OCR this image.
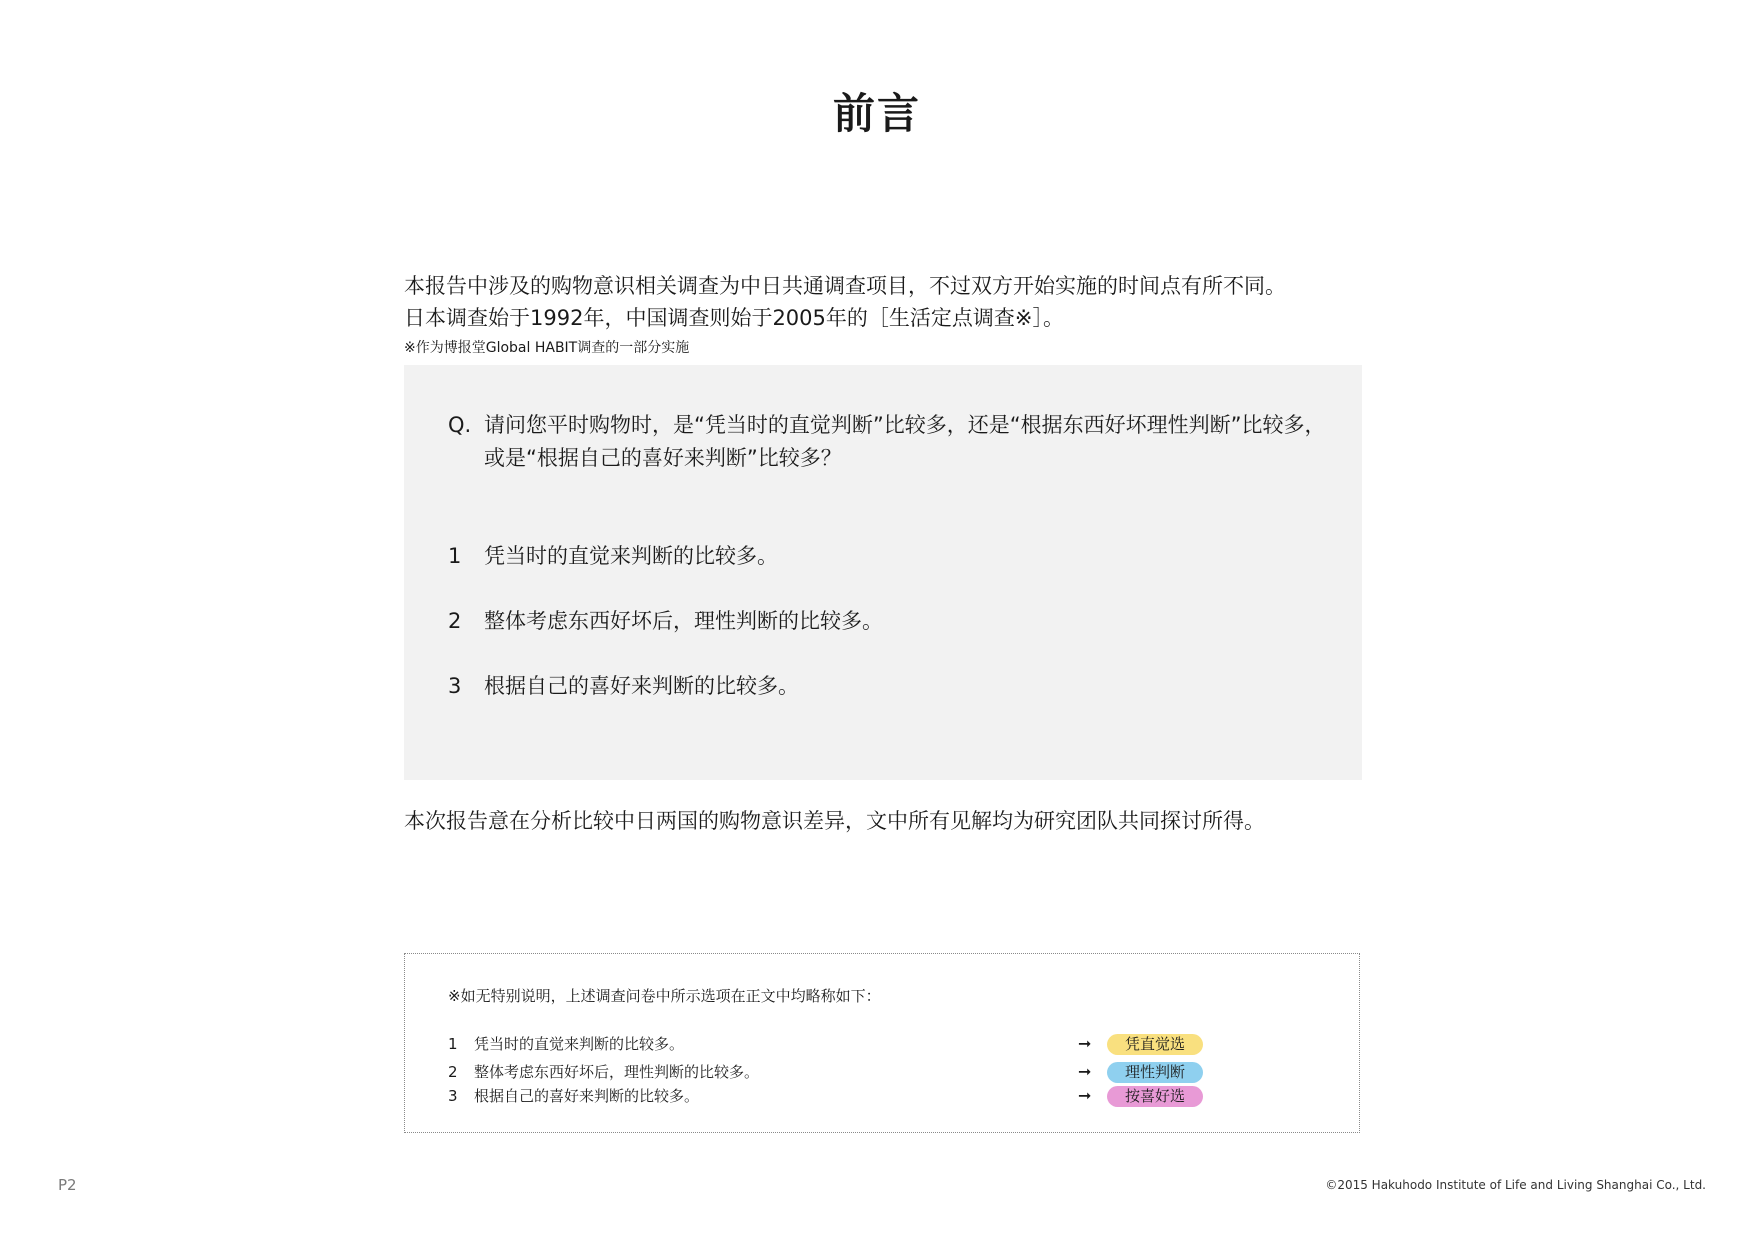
前言

本报告中涉及的购物意识相关调查为中日共通调查项目，不过双方开始实施的时间点有所不同。

日本调查始于1992年，中国调查则始于2005年的［生活定点调查※］。

※作为博报堂Global HABIT调查的一部分实施
Q. 请问您平时购物时，是“凭当时的直觉判断”比较多，还是“根据东西好坏理性判断”比较多，或是“根据自己的喜好来判断”比较多？
1	凭当时的直觉来判断的比较多。
2	整体考虑东西好坏后，理性判断的比较多。
3	根据自己的喜好来判断的比较多。
本次报告意在分析比较中日两国的购物意识差异，文中所有见解均为研究团队共同探讨所得。
※如无特别说明，上述调查问卷中所示选项在正文中均略称如下：
1 凭当时的直觉来判断的比较多。	➞	凭直觉选
2 整体考虑东西好坏后，理性判断的比较多。	➞	理性判断
3 根据自己的喜好来判断的比较多。	➞	按喜好选
P2	©2015 Hakuhodo Institute of Life and Living Shanghai Co., Ltd.
